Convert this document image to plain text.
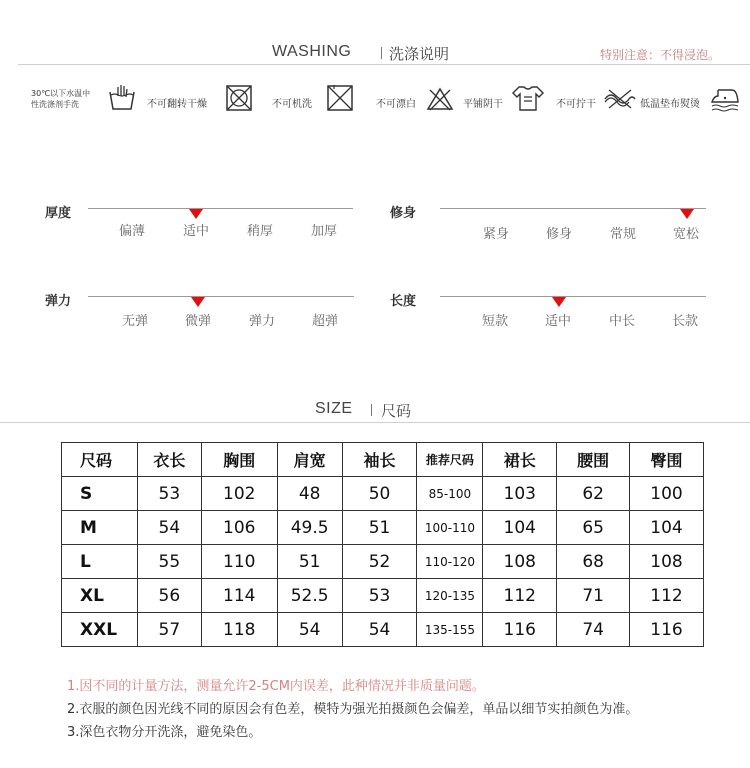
WASHING	洗涤说明	特别注意：不得浸泡。
30℃以下水温中
性洗涤剂手洗	不可翻转干燥	不可机洗	不可漂白	平铺阴干	不可拧干	低温垫布熨烫
厚度
偏薄	适中	稍厚	加厚
修身
紧身	修身	常规	宽松
弹力
无弹	微弹	弹力	超弹
长度
短款	适中	中长	长款
SIZE 尺码
尺码	衣长	胸围	肩宽	袖长	推荐尺码	裙长	腰围	臀围
S	53	102	48	50	85-100	103	62	100
M	54	106	49.5	51	100-110	104	65	104
L	55	110	51	52	110-120	108	68	108
XL	56	114	52.5	53	120-135	112	71	112
XXL	57	118	54	54	135-155	116	74	116
1.因不同的计量方法，测量允许2-5CM内误差，此种情况并非质量问题。
2.衣服的颜色因光线不同的原因会有色差，模特为强光拍摄颜色会偏差，单品以细节实拍颜色为准。
3.深色衣物分开洗涤，避免染色。
